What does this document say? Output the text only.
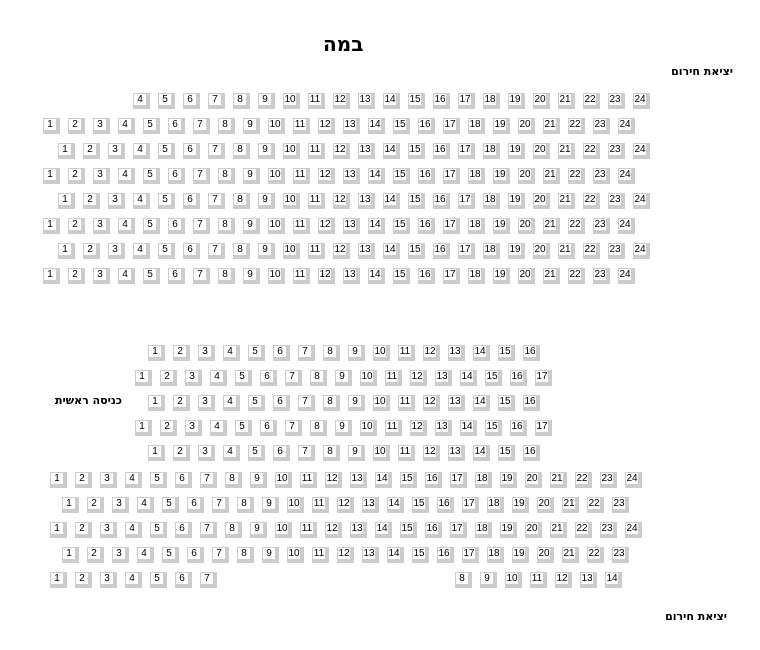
במה
יציאת חירום
כניסה ראשית
יציאת חירום
4	5	6	7	8	9	10	11	12	13	14	15	16	17	18	19	20	21	22	23	24
1	2	3	4	5	6	7	8	9	10	11	12	13	14	15	16	17	18	19	20	21	22	23	24
1	2	3	4	5	6	7	8	9	10	11	12	13	14	15	16	17	18	19	20	21	22	23	24
1	2	3	4	5	6	7	8	9	10	11	12	13	14	15	16	17	18	19	20	21	22	23	24
1	2	3	4	5	6	7	8	9	10	11	12	13	14	15	16	17	18	19	20	21	22	23	24
1	2	3	4	5	6	7	8	9	10	11	12	13	14	15	16	17	18	19	20	21	22	23	24
1	2	3	4	5	6	7	8	9	10	11	12	13	14	15	16	17	18	19	20	21	22	23	24
1	2	3	4	5	6	7	8	9	10	11	12	13	14	15	16	17	18	19	20	21	22	23	24
1	2	3	4	5	6	7	8	9	10	11	12	13	14	15	16
1	2	3	4	5	6	7	8	9	10	11	12	13	14	15	16	17
1	2	3	4	5	6	7	8	9	10	11	12	13	14	15	16
1	2	3	4	5	6	7	8	9	10	11	12	13	14	15	16	17
1	2	3	4	5	6	7	8	9	10	11	12	13	14	15	16
1	2	3	4	5	6	7	8	9	10	11	12	13	14	15	16	17	18	19	20	21	22	23	24
1	2	3	4	5	6	7	8	9	10	11	12	13	14	15	16	17	18	19	20	21	22	23
1	2	3	4	5	6	7	8	9	10	11	12	13	14	15	16	17	18	19	20	21	22	23	24
1	2	3	4	5	6	7	8	9	10	11	12	13	14	15	16	17	18	19	20	21	22	23
1	2	3	4	5	6	7	8	9	10	11	12	13	14
